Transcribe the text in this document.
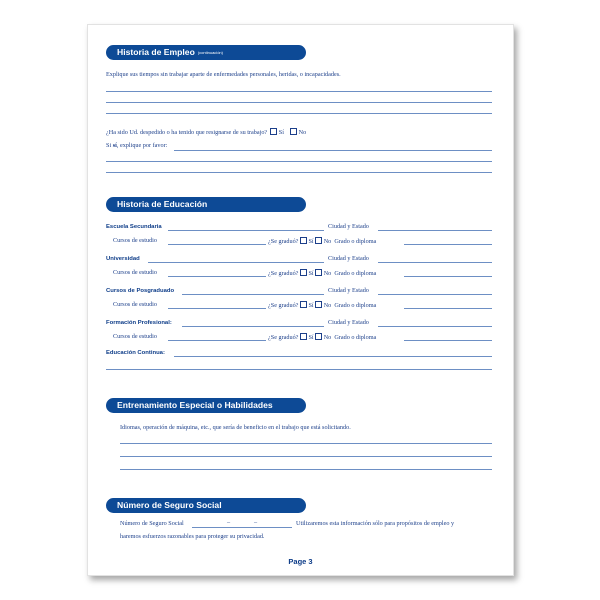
Historia de Empleo (continuación)
Explique sus tiempos sin trabajar aparte de enfermedades personales, heridas, o incapacidades.
¿Ha sido Ud. despedido o ha tenido que resignarse de su trabajo? Sí No
Si sí, explique por favor:
Historia de Educación
Escuela Secundaria	Ciudad y Estado
Cursos de estudio	¿Se graduó? Sí No Grado o diploma
Universidad	Ciudad y Estado
Cursos de estudio	¿Se graduó? Sí No Grado o diploma
Cursos de Posgraduado	Ciudad y Estado
Cursos de estudio	¿Se graduó? Sí No Grado o diploma
Formación Profesional:	Ciudad y Estado
Cursos de estudio	¿Se graduó? Sí No Grado o diploma
Educación Continua:
Entrenamiento Especial o Habilidades
Idiomas, operación de máquina, etc., que sería de beneficio en el trabajo que está solicitando.
Número de Seguro Social
Número de Seguro Social	–	–	Utilizaremos esta información sólo para propósitos de empleo y
haremos esfuerzos razonables para proteger su privacidad.
Page 3
